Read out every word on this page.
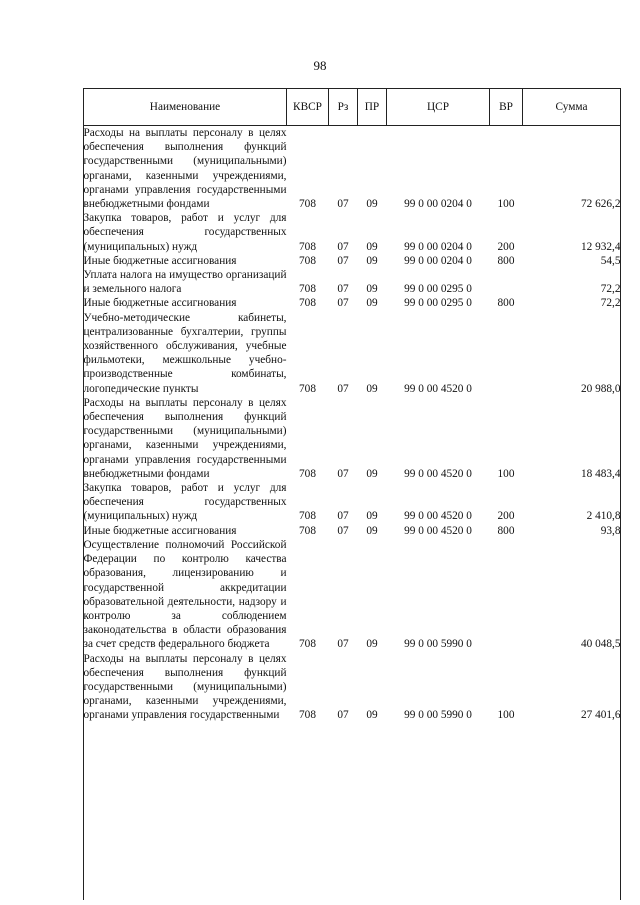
98
Наименование	КВСР	Рз	ПР	ЦСР	ВР	Сумма
Расходы на выплаты персоналу в целях обеспечения выполнения функций государственными (муниципальными) органами, казенными учреждениями, органами управления государственными внебюджетными фондами	708	07	09	99 0 00 0204 0	100	72 626,2
Закупка товаров, работ и услуг для обеспечения государственных (муниципальных) нужд	708	07	09	99 0 00 0204 0	200	12 932,4
Иные бюджетные ассигнования	708	07	09	99 0 00 0204 0	800	54,5
Уплата налога на имущество организаций и земельного налога	708	07	09	99 0 00 0295 0		72,2
Иные бюджетные ассигнования	708	07	09	99 0 00 0295 0	800	72,2
Учебно-методические кабинеты, централизованные бухгалтерии, группы хозяйственного обслуживания, учебные фильмотеки, межшкольные учебно-производственные комбинаты, логопедические пункты	708	07	09	99 0 00 4520 0		20 988,0
Расходы на выплаты персоналу в целях обеспечения выполнения функций государственными (муниципальными) органами, казенными учреждениями, органами управления государственными внебюджетными фондами	708	07	09	99 0 00 4520 0	100	18 483,4
Закупка товаров, работ и услуг для обеспечения государственных (муниципальных) нужд	708	07	09	99 0 00 4520 0	200	2 410,8
Иные бюджетные ассигнования	708	07	09	99 0 00 4520 0	800	93,8
Осуществление полномочий Российской Федерации по контролю качества образования, лицензированию и государственной аккредитации образовательной деятельности, надзору и контролю за соблюдением законодательства в области образования за счет средств федерального бюджета	708	07	09	99 0 00 5990 0		40 048,5
Расходы на выплаты персоналу в целях обеспечения выполнения функций государственными (муниципальными) органами, казенными учреждениями, органами управления государственными	708	07	09	99 0 00 5990 0	100	27 401,6
